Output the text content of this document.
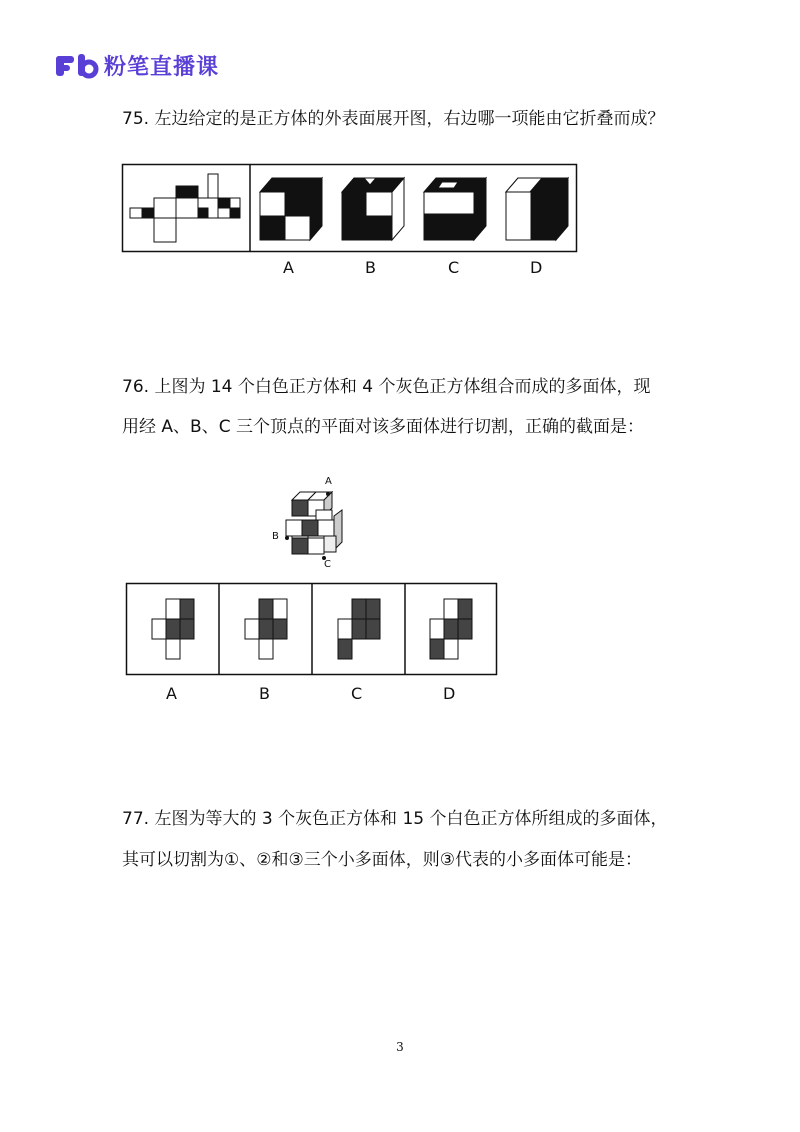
粉笔直播课
75. 左边给定的是正方体的外表面展开图，右边哪一项能由它折叠而成？
A	B	C	D
76. 上图为 14 个白色正方体和 4 个灰色正方体组合而成的多面体，现
用经 A、B、C 三个顶点的平面对该多面体进行切割，正确的截面是：
A
B
C
A	B	C	D
77. 左图为等大的 3 个灰色正方体和 15 个白色正方体所组成的多面体，
其可以切割为①、②和③三个小多面体，则③代表的小多面体可能是：
3
